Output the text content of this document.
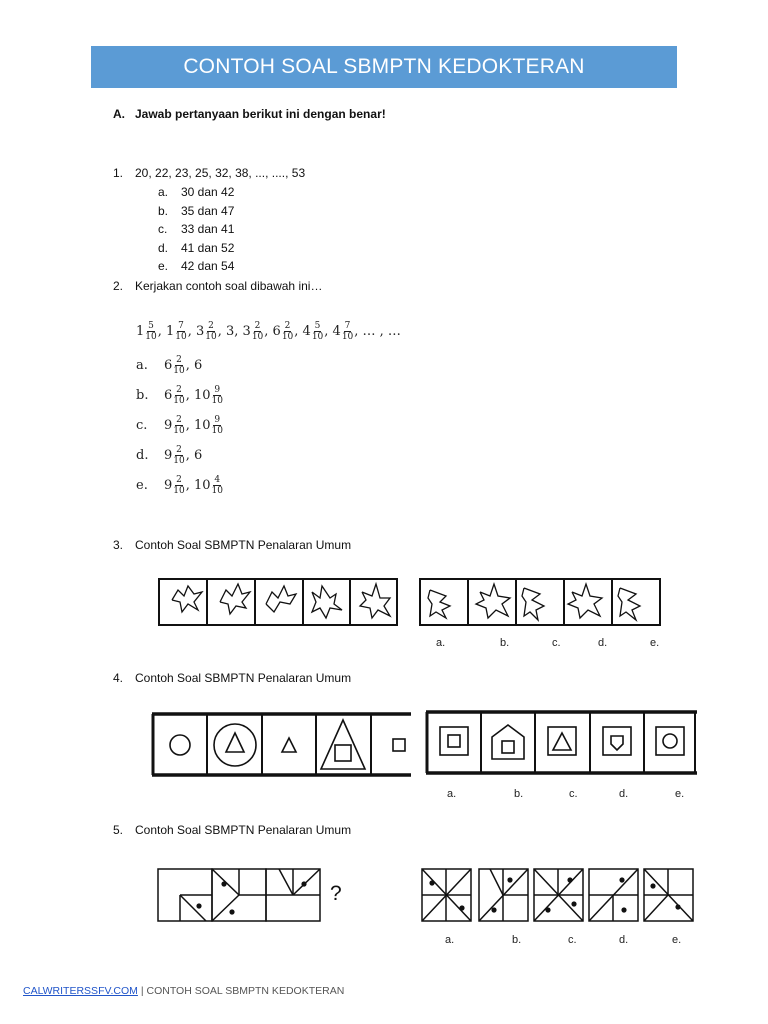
CONTOH SOAL SBMPTN KEDOKTERAN
A. Jawab pertanyaan berikut ini dengan benar!
1. 20, 22, 23, 25, 32, 38, ..., ...., 53
a. 30 dan 42
b. 35 dan 47
c. 33 dan 41
d. 41 dan 52
e. 42 dan 54
2. Kerjakan contoh soal dibawah ini…
1 5
10 , 1 7
10 , 3 2
10 , 3, 3 2
10 , 6 2
10 , 4 5
10 , 4 7
10 , … , …
a.	6 2
10 , 6
b.	6 2
10 , 10 9
10
c.	9 2
10 , 10 9
10
d.	9 2
10 , 6
e.	9 2
10 , 10 4
10
3. Contoh Soal SBMPTN Penalaran Umum
a.	b.	c.	d.	e.
4. Contoh Soal SBMPTN Penalaran Umum
a.	b.	c.	d.	e.
5. Contoh Soal SBMPTN Penalaran Umum
?
a.	b.	c.	d.	e.
CALWRITERSSFV.COM | CONTOH SOAL SBMPTN KEDOKTERAN
